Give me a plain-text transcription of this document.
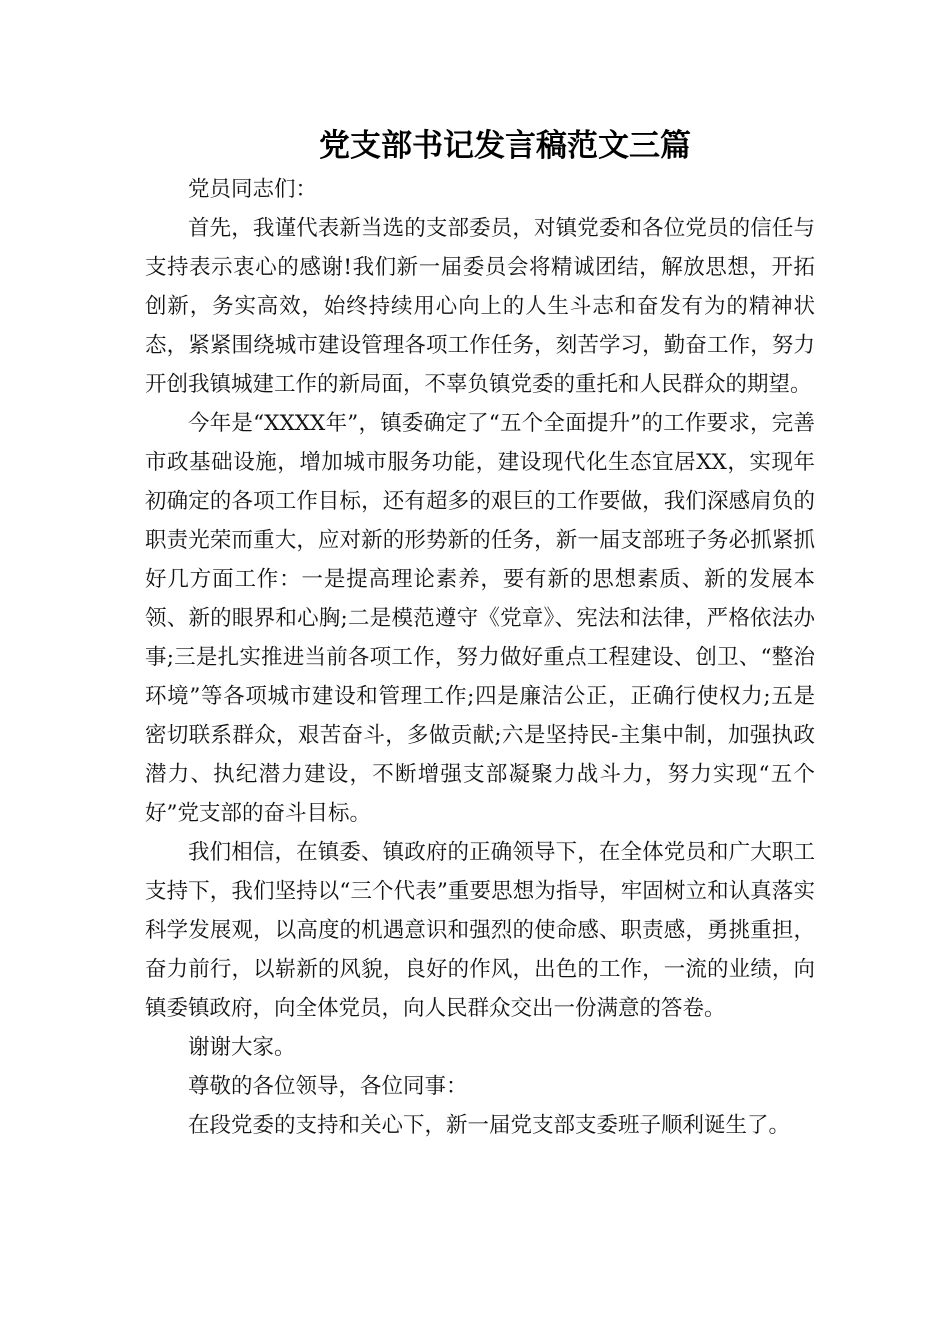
党支部书记发言稿范文三篇

党员同志们：

首先，我谨代表新当选的支部委员，对镇党委和各位党员的信任与支持表示衷心的感谢!我们新一届委员会将精诚团结，解放思想，开拓创新，务实高效，始终持续用心向上的人生斗志和奋发有为的精神状态，紧紧围绕城市建设管理各项工作任务，刻苦学习，勤奋工作，努力开创我镇城建工作的新局面，不辜负镇党委的重托和人民群众的期望。

今年是“XXXX年”，镇委确定了“五个全面提升”的工作要求，完善市政基础设施，增加城市服务功能，建设现代化生态宜居XX，实现年初确定的各项工作目标，还有超多的艰巨的工作要做，我们深感肩负的职责光荣而重大，应对新的形势新的任务，新一届支部班子务必抓紧抓好几方面工作：一是提高理论素养，要有新的思想素质、新的发展本领、新的眼界和心胸;二是模范遵守《党章》、宪法和法律，严格依法办事;三是扎实推进当前各项工作，努力做好重点工程建设、创卫、“整治环境”等各项城市建设和管理工作;四是廉洁公正，正确行使权力;五是密切联系群众，艰苦奋斗，多做贡献;六是坚持民-主集中制，加强执政潜力、执纪潜力建设，不断增强支部凝聚力战斗力，努力实现“五个好”党支部的奋斗目标。

我们相信，在镇委、镇政府的正确领导下，在全体党员和广大职工支持下，我们坚持以“三个代表”重要思想为指导，牢固树立和认真落实科学发展观，以高度的机遇意识和强烈的使命感、职责感，勇挑重担，奋力前行，以崭新的风貌，良好的作风，出色的工作，一流的业绩，向镇委镇政府，向全体党员，向人民群众交出一份满意的答卷。

谢谢大家。

尊敬的各位领导，各位同事：

在段党委的支持和关心下，新一届党支部支委班子顺利诞生了。
